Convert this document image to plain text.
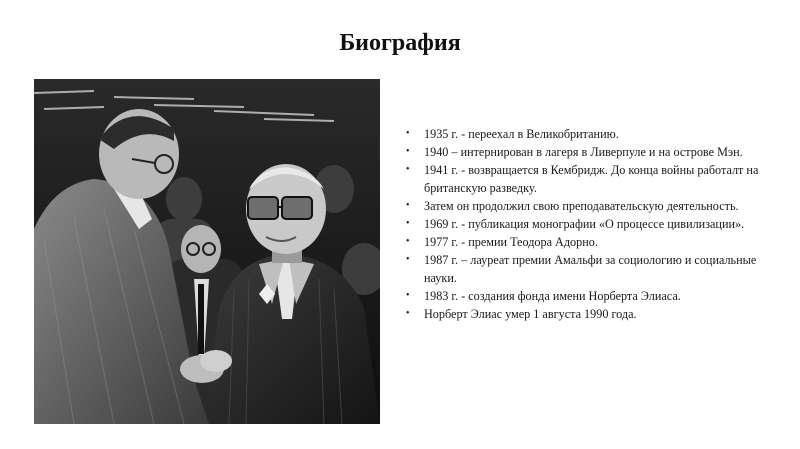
Биография
• 1935 г. - переехал в Великобританию.
• 1940 – интернирован в лагеря в Ливерпуле и на острове Мэн.
• 1941 г. - возвращается в Кембридж. До конца войны работалт на британскую разведку.
• Затем он продолжил свою преподавательскую деятельность.
• 1969 г. - публикация монографии «О процессе цивилизации».
• 1977 г. - премии Теодора Адорно.
• 1987 г. – лауреат премии Амальфи за социологию и социальные науки.
• 1983 г. - создания фонда имени Норберта Элиаса.
• Норберт Элиас умер 1 августа 1990 года.
